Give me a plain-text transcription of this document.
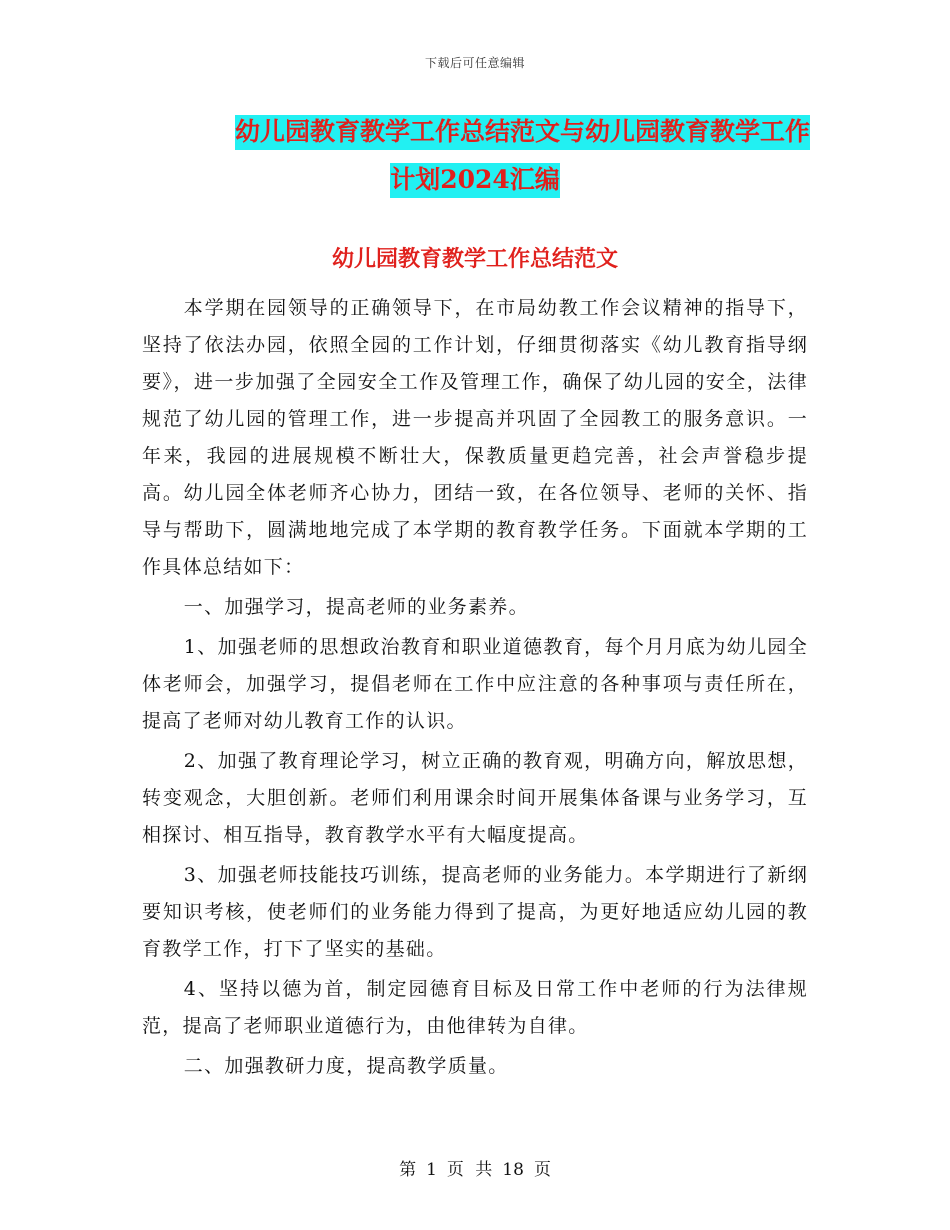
下载后可任意编辑
幼儿园教育教学工作总结范文与幼儿园教育教学工作
计划2024汇编
幼儿园教育教学工作总结范文

本学期在园领导的正确领导下，在市局幼教工作会议精神的指导下，坚持了依法办园，依照全园的工作计划，仔细贯彻落实《幼儿教育指导纲要》，进一步加强了全园安全工作及管理工作，确保了幼儿园的安全，法律规范了幼儿园的管理工作，进一步提高并巩固了全园教工的服务意识。一年来，我园的进展规模不断壮大，保教质量更趋完善，社会声誉稳步提高。幼儿园全体老师齐心协力，团结一致，在各位领导、老师的关怀、指导与帮助下，圆满地地完成了本学期的教育教学任务。下面就本学期的工作具体总结如下：

一、加强学习，提高老师的业务素养。

1、加强老师的思想政治教育和职业道德教育，每个月月底为幼儿园全体老师会，加强学习，提倡老师在工作中应注意的各种事项与责任所在，提高了老师对幼儿教育工作的认识。

2、加强了教育理论学习，树立正确的教育观，明确方向，解放思想，转变观念，大胆创新。老师们利用课余时间开展集体备课与业务学习，互相探讨、相互指导，教育教学水平有大幅度提高。

3、加强老师技能技巧训练，提高老师的业务能力。本学期进行了新纲要知识考核，使老师们的业务能力得到了提高，为更好地适应幼儿园的教育教学工作，打下了坚实的基础。

4、坚持以德为首，制定园德育目标及日常工作中老师的行为法律规范，提高了老师职业道德行为，由他律转为自律。

二、加强教研力度，提高教学质量。

第 1 页 共 18 页
